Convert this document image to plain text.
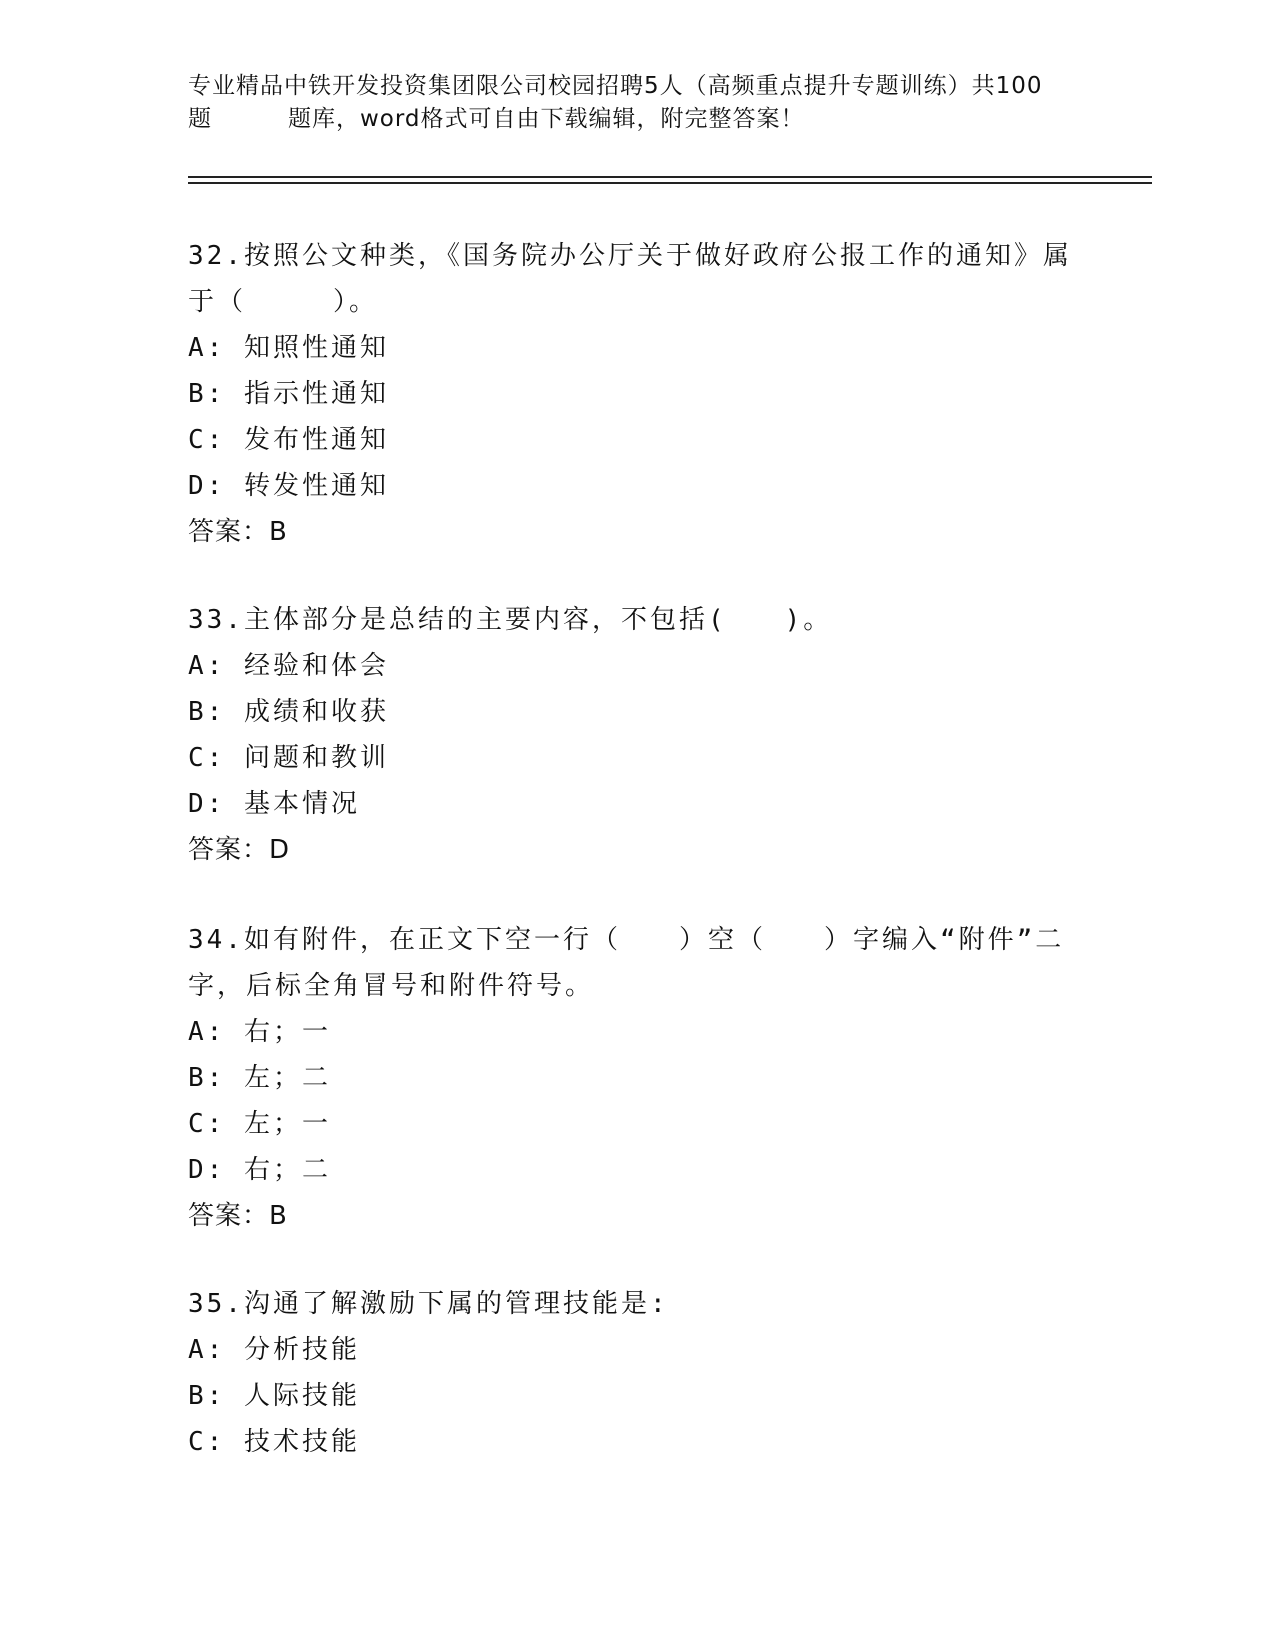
专业精品中铁开发投资集团限公司校园招聘5人（高频重点提升专题训练）共100
题	题库，word格式可自由下载编辑，附完整答案！
32.按照公文种类，《国务院办公厅关于做好政府公报工作的通知》属于（　　　）。
A: 知照性通知
B: 指示性通知
C: 发布性通知
D: 转发性通知
答案：B
33.主体部分是总结的主要内容，不包括(　　)。
A: 经验和体会
B: 成绩和收获
C: 问题和教训
D: 基本情况
答案：D
34.如有附件，在正文下空一行（　　）空（　　）字编入“附件”二字，后标全角冒号和附件符号。
A: 右；一
B: 左；二
C: 左；一
D: 右；二
答案：B
35.沟通了解激励下属的管理技能是:
A: 分析技能
B: 人际技能
C: 技术技能
